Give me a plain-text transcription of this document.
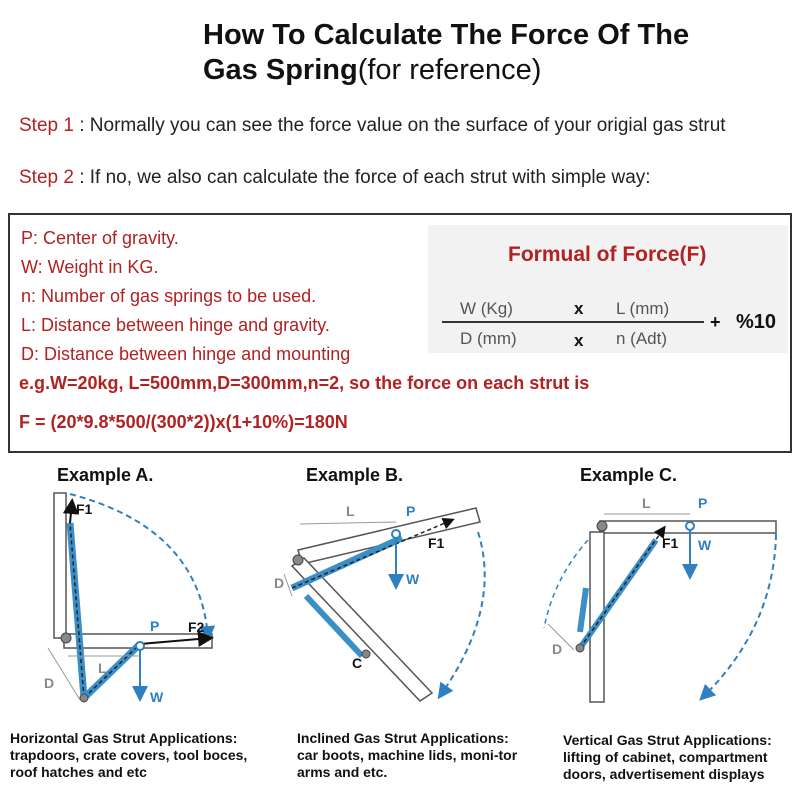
How To Calculate The Force Of The
Gas Spring(for reference)
Step 1 : Normally you can see the force value on the surface of your origial gas strut
Step 2 : If no, we also can calculate the force of each strut with simple way:
P: Center of gravity.
W: Weight in KG.
n: Number of gas springs to be used.
L: Distance between hinge and gravity.
D: Distance between hinge and mounting
Formual of Force(F)
W (Kg)	x L (mm)
D (mm)	x n (Adt)
+ %10
e.g.W=20kg, L=500mm,D=300mm,n=2, so the force on each strut is
F = (20*9.8*500/(300*2))x(1+10%)=180N
Example A.	Example B.	Example C.
F1
F2
P
W
L
D
L	P
F1
W
D
C
L	P
F1 W
D
Horizontal Gas Strut Applications:
trapdoors, crate covers, tool boces, roof hatches and etc
Inclined Gas Strut Applications:
car boots, machine lids, moni-tor arms and etc.
Vertical Gas Strut Applications:
lifting of cabinet, compartment doors, advertisement displays
